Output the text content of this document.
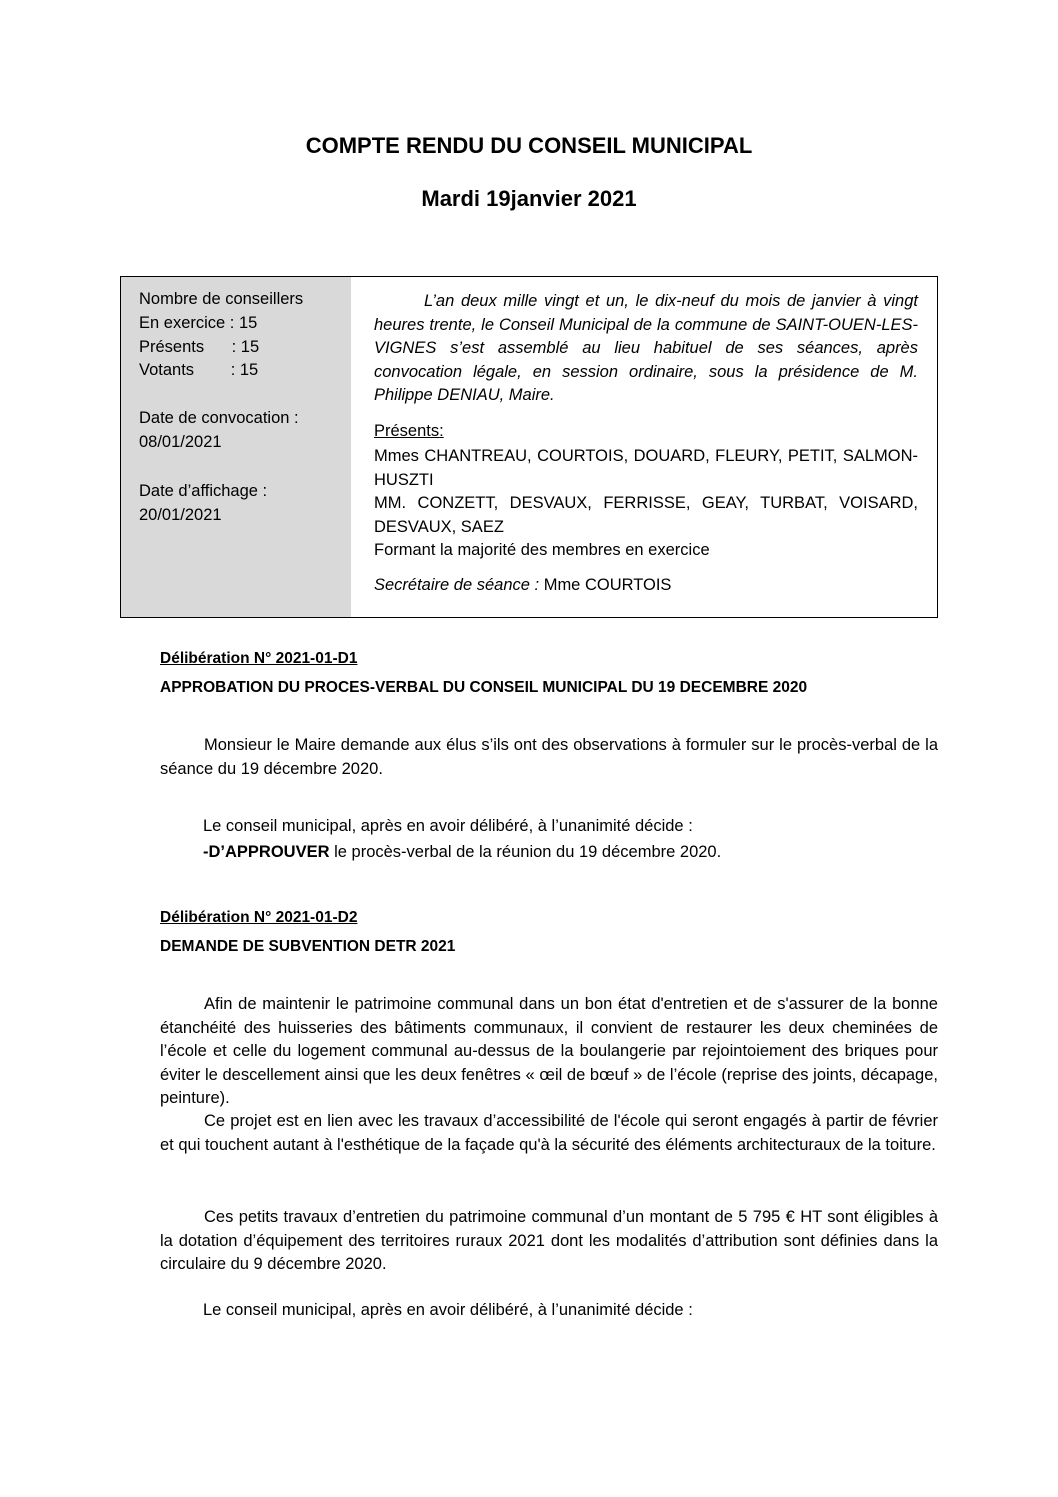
COMPTE RENDU DU CONSEIL MUNICIPAL
Mardi 19janvier 2021
Nombre de conseillers
En exercice : 15
Présents      : 15
Votants        : 15
Date de convocation :
08/01/2021
Date d’affichage :
20/01/2021

L’an deux mille vingt et un, le dix-neuf du mois de janvier à vingt heures trente, le Conseil Municipal de la commune de SAINT-OUEN-LES-VIGNES s’est assemblé au lieu habituel de ses séances, après convocation légale, en session ordinaire, sous la présidence de M. Philippe DENIAU, Maire.

Présents:
Mmes CHANTREAU, COURTOIS, DOUARD, FLEURY, PETIT, SALMON-HUSZTI
MM. CONZETT, DESVAUX, FERRISSE, GEAY, TURBAT, VOISARD, DESVAUX, SAEZ
Formant la majorité des membres en exercice
Secrétaire de séance : Mme COURTOIS
Délibération N° 2021-01-D1
APPROBATION DU PROCES-VERBAL DU CONSEIL MUNICIPAL DU 19 DECEMBRE 2020

Monsieur le Maire demande aux élus s’ils ont des observations à formuler sur le procès-verbal de la séance du 19 décembre 2020.

Le conseil municipal, après en avoir délibéré, à l’unanimité décide :
-D’APPROUVER le procès-verbal de la réunion du 19 décembre 2020.
Délibération N° 2021-01-D2
DEMANDE DE SUBVENTION DETR 2021

Afin de maintenir le patrimoine communal dans un bon état d'entretien et de s'assurer de la bonne étanchéité des huisseries des bâtiments communaux, il convient de restaurer les deux cheminées de l’école et celle du logement communal au-dessus de la boulangerie par rejointoiement des briques pour éviter le descellement ainsi que les deux fenêtres « œil de bœuf » de l’école (reprise des joints, décapage, peinture).

Ce projet est en lien avec les travaux d’accessibilité de l'école qui seront engagés à partir de février et qui touchent autant à l'esthétique de la façade qu'à la sécurité des éléments architecturaux de la toiture.

Ces petits travaux d’entretien du patrimoine communal d’un montant de 5 795 € HT sont éligibles à la dotation d’équipement des territoires ruraux 2021 dont les modalités d’attribution sont définies dans la circulaire du 9 décembre 2020.

Le conseil municipal, après en avoir délibéré, à l’unanimité décide :
